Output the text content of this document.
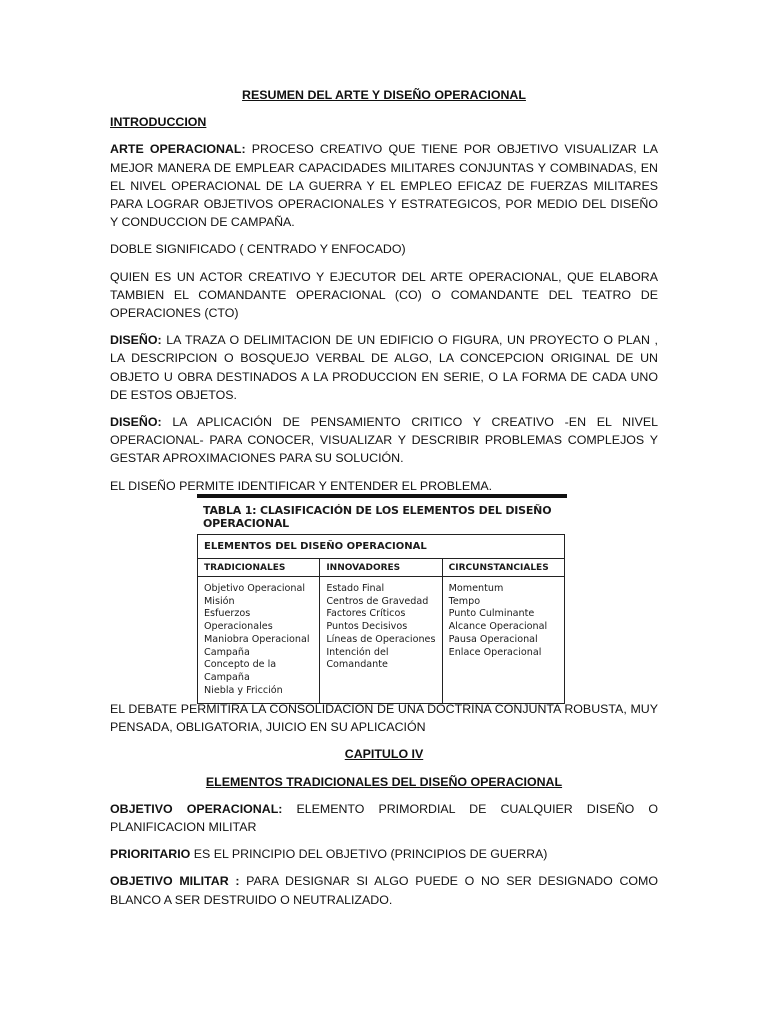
RESUMEN DEL ARTE Y DISEÑO OPERACIONAL
INTRODUCCION

ARTE OPERACIONAL: PROCESO CREATIVO QUE TIENE POR OBJETIVO VISUALIZAR LA MEJOR MANERA DE EMPLEAR CAPACIDADES MILITARES CONJUNTAS Y COMBINADAS, EN EL NIVEL OPERACIONAL DE LA GUERRA Y EL EMPLEO EFICAZ DE FUERZAS MILITARES PARA LOGRAR OBJETIVOS OPERACIONALES Y ESTRATEGICOS, POR MEDIO DEL DISEÑO Y CONDUCCION DE CAMPAÑA.

DOBLE SIGNIFICADO ( CENTRADO Y ENFOCADO)

QUIEN ES UN ACTOR CREATIVO Y EJECUTOR DEL ARTE OPERACIONAL, QUE ELABORA TAMBIEN EL COMANDANTE OPERACIONAL (CO) O COMANDANTE DEL TEATRO DE OPERACIONES (CTO)

DISEÑO: LA TRAZA O DELIMITACION DE UN EDIFICIO O FIGURA, UN PROYECTO O PLAN , LA DESCRIPCION O BOSQUEJO VERBAL DE ALGO, LA CONCEPCION ORIGINAL DE UN OBJETO U OBRA DESTINADOS A LA PRODUCCION EN SERIE, O LA FORMA DE CADA UNO DE ESTOS OBJETOS.

DISEÑO: LA APLICACIÓN DE PENSAMIENTO CRITICO Y CREATIVO -EN EL NIVEL OPERACIONAL- PARA CONOCER, VISUALIZAR Y DESCRIBIR PROBLEMAS COMPLEJOS Y GESTAR APROXIMACIONES PARA SU SOLUCIÓN.

EL DISEÑO PERMITE IDENTIFICAR Y ENTENDER EL PROBLEMA.

TABLA 1: CLASIFICACIÓN DE LOS ELEMENTOS DEL DISEÑO OPERACIONAL
ELEMENTOS DEL DISEÑO OPERACIONAL
TRADICIONALES
Objetivo Operacional
Misión
Esfuerzos Operacionales
Maniobra Operacional
Campaña
Concepto de la Campaña
Niebla y Fricción
INNOVADORES
Estado Final
Centros de Gravedad
Factores Críticos
Puntos Decisivos
Líneas de Operaciones
Intención del Comandante
CIRCUNSTANCIALES
Momentum
Tempo
Punto Culminante
Alcance Operacional
Pausa Operacional
Enlace Operacional

EL DEBATE PERMITIRA LA CONSOLIDACION DE UNA DOCTRINA CONJUNTA ROBUSTA, MUY PENSADA, OBLIGATORIA, JUICIO EN SU APLICACIÓN

CAPITULO IV
ELEMENTOS TRADICIONALES DEL DISEÑO OPERACIONAL

OBJETIVO OPERACIONAL: ELEMENTO PRIMORDIAL DE CUALQUIER DISEÑO O PLANIFICACION MILITAR

PRIORITARIO ES EL PRINCIPIO DEL OBJETIVO (PRINCIPIOS DE GUERRA)

OBJETIVO MILITAR : PARA DESIGNAR SI ALGO PUEDE O NO SER DESIGNADO COMO BLANCO A SER DESTRUIDO O NEUTRALIZADO.
